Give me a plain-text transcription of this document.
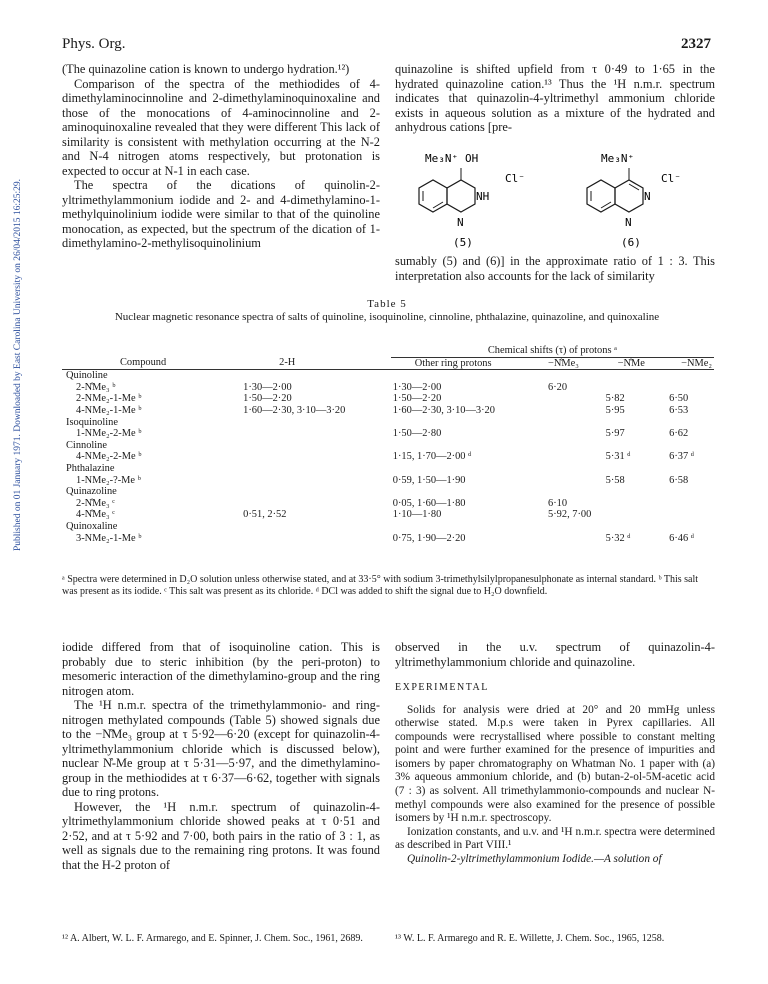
Phys. Org.	2327
Published on 01 January 1971. Downloaded by East Carolina University on 26/04/2015 16:25:29.

(The quinazoline cation is known to undergo hydration.¹²)

Comparison of the spectra of the methiodides of 4-dimethylaminocinnoline and 2-dimethylaminoquinoxaline and those of the monocations of 4-aminocinnoline and 2-aminoquinoxaline revealed that they were different This lack of similarity is consistent with methylation occurring at the N-2 and N-4 nitrogen atoms respectively, but protonation is expected to occur at N-1 in each case.

The spectra of the dications of quinolin-2-yltrimethylammonium iodide and 2- and 4-dimethylamino-1-methylquinolinium iodide were similar to that of the quinoline monocation, as expected, but the spectrum of the dication of 1-dimethylamino-2-methylisoquinolinium

quinazoline is shifted upfield from τ 0·49 to 1·65 in the hydrated quinazoline cation.¹³ Thus the ¹H n.m.r. spectrum indicates that quinazolin-4-yltrimethyl ammonium chloride exists in aqueous solution as a mixture of the hydrated and anhydrous cations [pre-

Me₃N⁺ OH
NH
N
Cl⁻
(5)
Me₃N⁺
N
N
Cl⁻
(6)

sumably (5) and (6)] in the approximate ratio of 1 : 3. This interpretation also accounts for the lack of similarity

Table 5
Nuclear magnetic resonance spectra of salts of quinoline, isoquinoline, cinnoline, phthalazine, quinazoline, and quinoxaline
		Chemical shifts (τ) of protons ᵃ			
Compound	2-H	Other ring protons	−N̊Me₃	−N̊Me	−NMe₂
Quinoline					
2-N̊Me₃ ᵇ	1·30—2·00	1·30—2·00	6·20		
2-NMe₂-1-Me ᵇ	1·50—2·20	1·50—2·20		5·82	6·50
4-NMe₂-1-Me ᵇ	1·60—2·30, 3·10—3·20	1·60—2·30, 3·10—3·20		5·95	6·53
Isoquinoline					
1-NMe₂-2-Me ᵇ		1·50—2·80		5·97	6·62
Cinnoline					
4-NMe₂-2-Me ᵇ		1·15, 1·70—2·00 ᵈ		5·31 ᵈ	6·37 ᵈ
Phthalazine					
1-NMe₂-?-Me ᵇ		0·59, 1·50—1·90		5·58	6·58
Quinazoline					
2-N̊Me₃ ᶜ		0·05, 1·60—1·80	6·10		
4-N̊Me₃ ᶜ	0·51, 2·52	1·10—1·80	5·92, 7·00		
Quinoxaline					
3-NMe₂-1-Me ᵇ		0·75, 1·90—2·20		5·32 ᵈ	6·46 ᵈ
ᵃ Spectra were determined in D₂O solution unless otherwise stated, and at 33·5° with sodium 3-trimethylsilylpropanesulphonate as internal standard. ᵇ This salt was present as its iodide. ᶜ This salt was present as its chloride. ᵈ DCl was added to shift the signal due to H₂O downfield.

iodide differed from that of isoquinoline cation. This is probably due to steric inhibition (by the peri-proton) to mesomeric interaction of the dimethylamino-group and the ring nitrogen atom.

The ¹H n.m.r. spectra of the trimethylammonio- and ring-nitrogen methylated compounds (Table 5) showed signals due to the −N̊Me₃ group at τ 5·92—6·20 (except for quinazolin-4-yltrimethylammonium chloride which is discussed below), nuclear N̊-Me group at τ 5·31—5·97, and the dimethylamino-group in the methiodides at τ 6·37—6·62, together with signals due to ring protons.

However, the ¹H n.m.r. spectrum of quinazolin-4-yltrimethylammonium chloride showed peaks at τ 0·51 and 2·52, and at τ 5·92 and 7·00, both pairs in the ratio of 3 : 1, as well as signals due to the remaining ring protons. It was found that the H-2 proton of

observed in the u.v. spectrum of quinazolin-4-yltrimethylammonium chloride and quinazoline.

EXPERIMENTAL

Solids for analysis were dried at 20° and 20 mmHg unless otherwise stated. M.p.s were taken in Pyrex capillaries. All compounds were recrystallised where possible to constant melting point and were further examined for the presence of impurities and isomers by paper chromatography on Whatman No. 1 paper with (a) 3% aqueous ammonium chloride, and (b) butan-2-ol-5M-acetic acid (7 : 3) as solvent. All trimethylammonio-compounds and nuclear N-methyl compounds were also examined for the presence of possible isomers by ¹H n.m.r. spectroscopy.

Ionization constants, and u.v. and ¹H n.m.r. spectra were determined as described in Part VIII.¹

Quinolin-2-yltrimethylammonium Iodide.—A solution of

¹² A. Albert, W. L. F. Armarego, and E. Spinner, J. Chem. Soc., 1961, 2689.	¹³ W. L. F. Armarego and R. E. Willette, J. Chem. Soc., 1965, 1258.
